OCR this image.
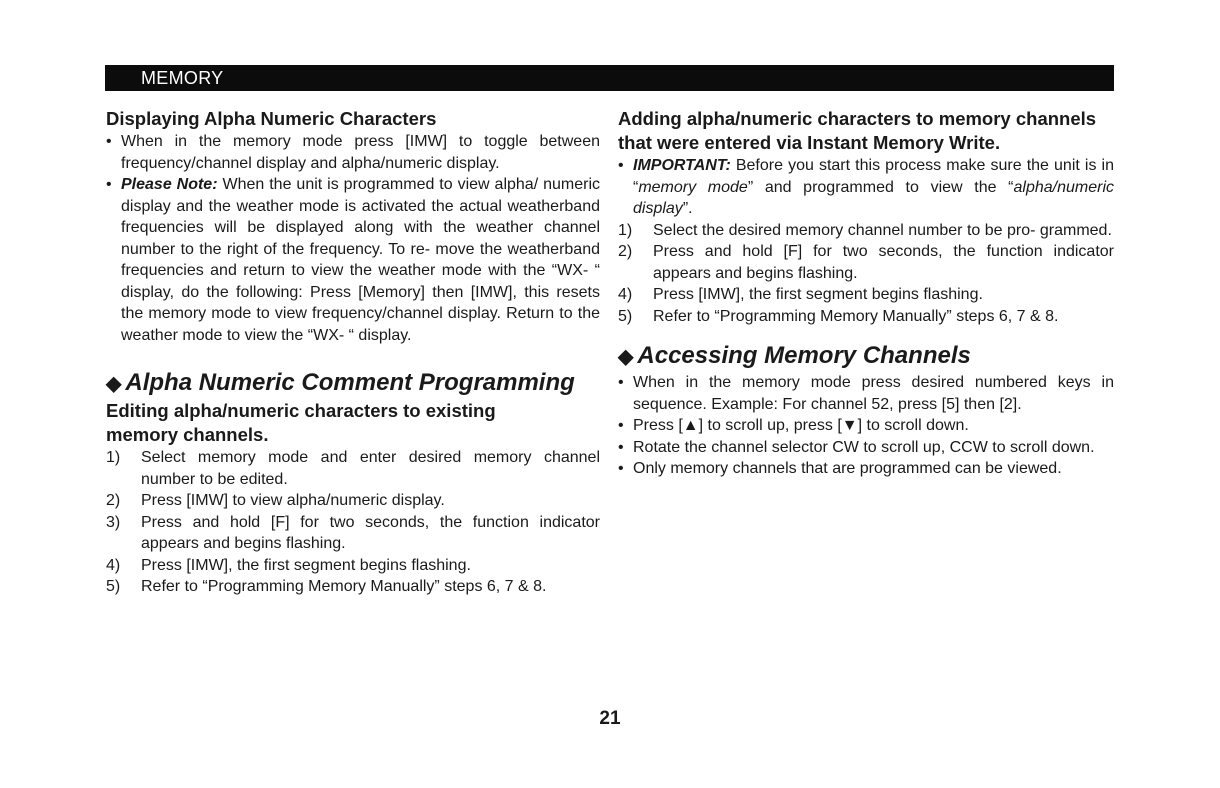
MEMORY
Displaying Alpha Numeric Characters
• When in the memory mode press [IMW] to toggle between frequency/channel display and alpha/numeric display.
• Please Note: When the unit is programmed to view alpha/ numeric display and the weather mode is activated the actual weatherband frequencies will be displayed along with the weather channel number to the right of the frequency. To re- move the weatherband frequencies and return to view the weather mode with the “WX- “ display, do the following: Press [Memory] then [IMW], this resets the memory mode to view frequency/channel display. Return to the weather mode to view the “WX- “ display.
◆ Alpha Numeric Comment Programming
Editing alpha/numeric characters to existing memory channels.
1) Select memory mode and enter desired memory channel number to be edited.
2) Press [IMW] to view alpha/numeric display.
3) Press and hold [F] for two seconds, the function indicator appears and begins flashing.
4) Press [IMW], the first segment begins flashing.
5) Refer to “Programming Memory Manually” steps 6, 7 & 8.
Adding alpha/numeric characters to memory channels that were entered via Instant Memory Write.
• IMPORTANT: Before you start this process make sure the unit is in “memory mode” and programmed to view the “alpha/numeric display”.
1) Select the desired memory channel number to be pro- grammed.
2) Press and hold [F] for two seconds, the function indicator appears and begins flashing.
4) Press [IMW], the first segment begins flashing.
5) Refer to “Programming Memory Manually” steps 6, 7 & 8.
◆ Accessing Memory Channels
• When in the memory mode press desired numbered keys in sequence. Example: For channel 52, press [5] then [2].
• Press [▲] to scroll up, press [▼] to scroll down.
• Rotate the channel selector CW to scroll up, CCW to scroll down.
• Only memory channels that are programmed can be viewed.
21
